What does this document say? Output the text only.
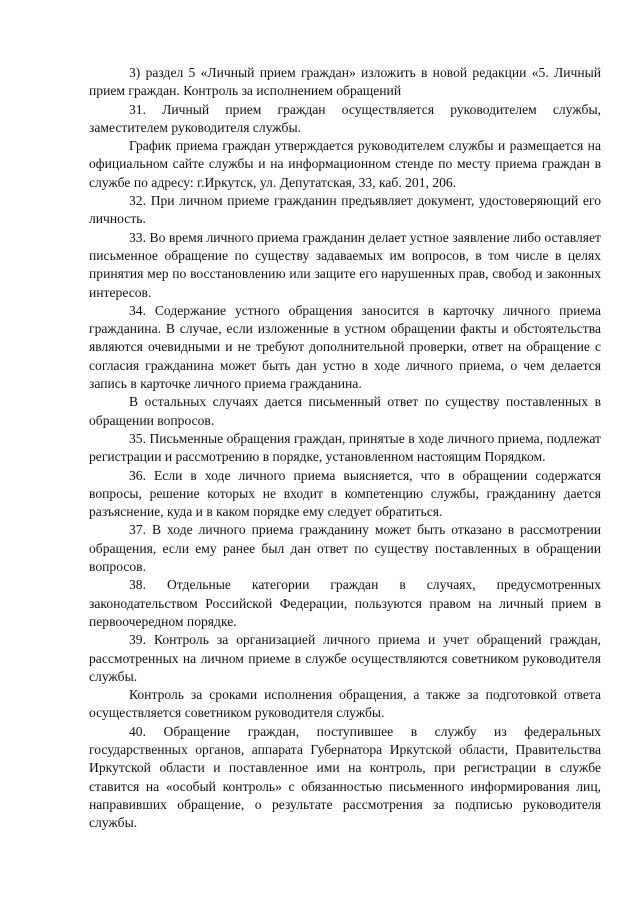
3) раздел 5 «Личный прием граждан» изложить в новой редакции «5. Личный прием граждан. Контроль за исполнением обращений

31. Личный прием граждан осуществляется руководителем службы, заместителем руководителя службы.

График приема граждан утверждается руководителем службы и размещается на официальном сайте службы и на информационном стенде по месту приема граждан в службе по адресу: г.Иркутск, ул. Депутатская, 33, каб. 201, 206.

32. При личном приеме гражданин предъявляет документ, удостоверяющий его личность.

33. Во время личного приема гражданин делает устное заявление либо оставляет письменное обращение по существу задаваемых им вопросов, в том числе в целях принятия мер по восстановлению или защите его нарушенных прав, свобод и законных интересов.

34. Содержание устного обращения заносится в карточку личного приема гражданина. В случае, если изложенные в устном обращении факты и обстоятельства являются очевидными и не требуют дополнительной проверки, ответ на обращение с согласия гражданина может быть дан устно в ходе личного приема, о чем делается запись в карточке личного приема гражданина.

В остальных случаях дается письменный ответ по существу поставленных в обращении вопросов.

35. Письменные обращения граждан, принятые в ходе личного приема, подлежат регистрации и рассмотрению в порядке, установленном настоящим Порядком.

36. Если в ходе личного приема выясняется, что в обращении содержатся вопросы, решение которых не входит в компетенцию службы, гражданину дается разъяснение, куда и в каком порядке ему следует обратиться.

37. В ходе личного приема гражданину может быть отказано в рассмотрении обращения, если ему ранее был дан ответ по существу поставленных в обращении вопросов.

38. Отдельные категории граждан в случаях, предусмотренных законодательством Российской Федерации, пользуются правом на личный прием в первоочередном порядке.

39. Контроль за организацией личного приема и учет обращений граждан, рассмотренных на личном приеме в службе осуществляются советником руководителя службы.

Контроль за сроками исполнения обращения, а также за подготовкой ответа осуществляется советником руководителя службы.

40. Обращение граждан, поступившее в службу из федеральных государственных органов, аппарата Губернатора Иркутской области, Правительства Иркутской области и поставленное ими на контроль, при регистрации в службе ставится на «особый контроль» с обязанностью письменного информирования лиц, направивших обращение, о результате рассмотрения за подписью руководителя службы.
